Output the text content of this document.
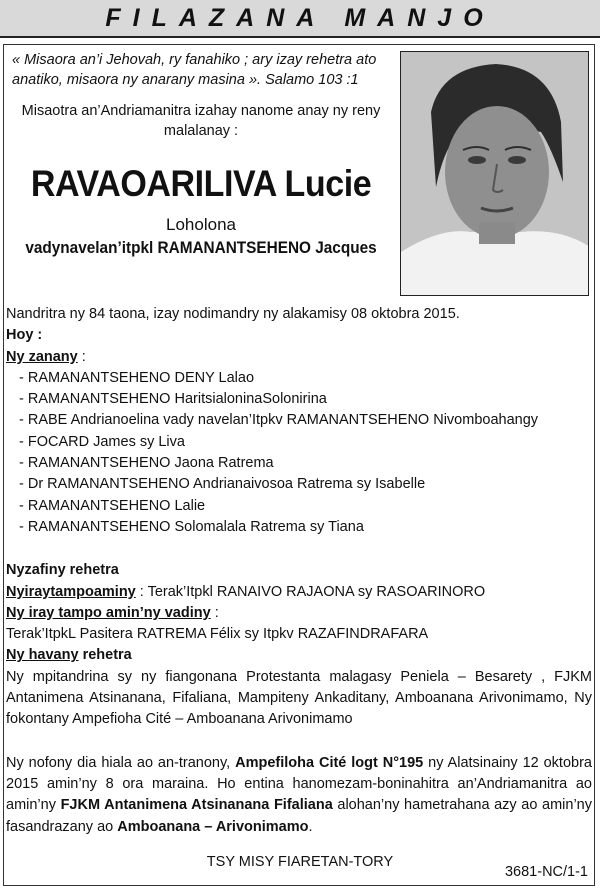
FILAZANA MANJO
« Misaora an’i Jehovah, ry fanahiko ; ary izay rehetra ato anatiko, misaora ny anarany masina ». Salamo 103 :1
Misaotra an’Andriamanitra izahay nanome anay ny reny malalanay :
RAVAOARILIVA Lucie
Loholona
vadynavelan’itpkl RAMANANTSEHENO Jacques

Nandritra ny 84 taona, izay nodimandry ny alakamisy 08 oktobra 2015.

Hoy :

Ny zanany :

- RAMANANTSEHENO DENY Lalao

- RAMANANTSEHENO HaritsialoninaSolonirina

- RABE Andrianoelina vady navelan’Itpkv RAMANANTSEHENO Nivomboahangy

- FOCARD James sy Liva

- RAMANANTSEHENO Jaona Ratrema

- Dr RAMANANTSEHENO Andrianaivosoa Ratrema sy Isabelle

- RAMANANTSEHENO Lalie

- RAMANANTSEHENO Solomalala Ratrema sy Tiana

Nyzafiny rehetra

Nyiraytampoaminy : Terak’Itpkl RANAIVO RAJAONA sy RASOARINORO

Ny iray tampo amin’ny vadiny :

Terak’ItpkL Pasitera RATREMA Félix sy Itpkv RAZAFINDRAFARA

Ny havany rehetra

Ny mpitandrina sy ny fiangonana Protestanta malagasy Peniela – Besarety , FJKM Antanimena Atsinanana, Fifaliana, Mampiteny Ankaditany, Amboanana Arivonimamo, Ny fokontany Ampefioha Cité – Amboanana Arivonimamo

Ny nofony dia hiala ao an-tranony, Ampefiloha Cité logt N°195 ny Alatsinainy 12 oktobra 2015 amin’ny 8 ora maraina. Ho entina hanomezam-boninahitra an’Andriamanitra ao amin’ny FJKM Antanimena Atsinanana Fifaliana alohan’ny hametrahana azy ao amin’ny fasandrazany ao Amboanana – Arivonimamo.

TSY MISY FIARETAN-TORY
3681-NC/1-1
